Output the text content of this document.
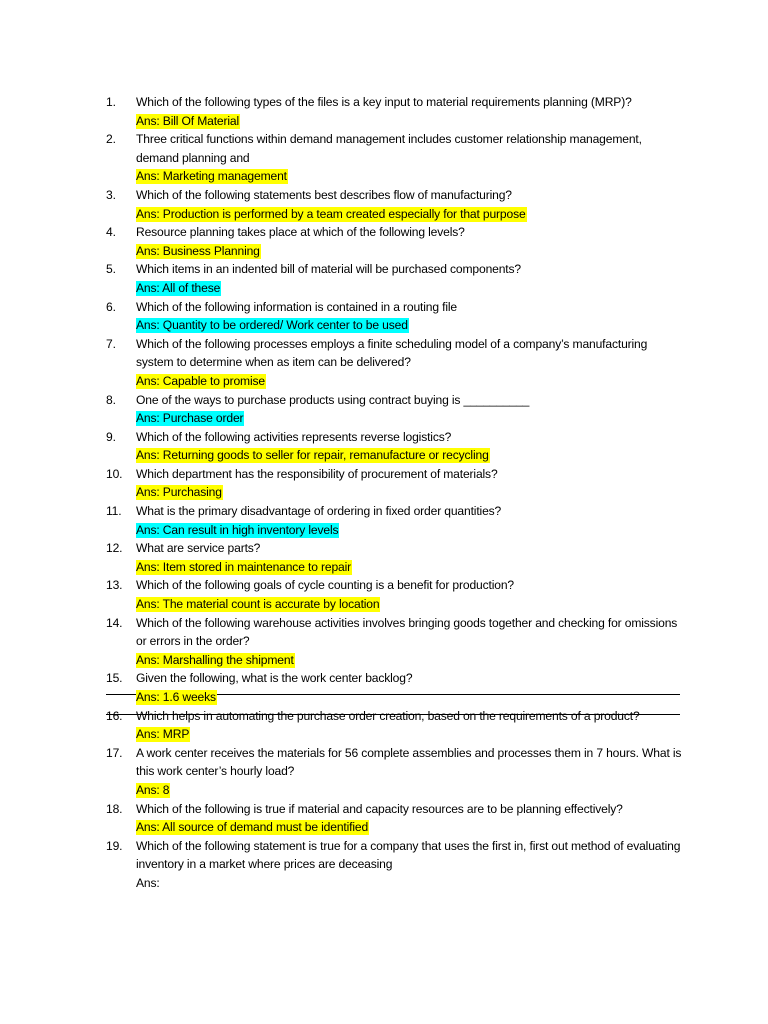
1.	Which of the following types of the files is a key input to material requirements planning (MRP)?
Ans: Bill Of Material
2.	Three critical functions within demand management includes customer relationship management, demand planning and
Ans: Marketing management
3.	Which of the following statements best describes flow of manufacturing?
Ans: Production is performed by a team created especially for that purpose
4.	Resource planning takes place at which of the following levels?
Ans: Business Planning
5.	Which items in an indented bill of material will be purchased components?
Ans: All of these
6.	Which of the following information is contained in a routing file
Ans: Quantity to be ordered/ Work center to be used
7.	Which of the following processes employs a finite scheduling model of a company’s manufacturing system to determine when as item can be delivered?
Ans: Capable to promise
8.	One of the ways to purchase products using contract buying is __________
Ans: Purchase order
9.	Which of the following activities represents reverse logistics?
Ans: Returning goods to seller for repair, remanufacture or recycling
10.	Which department has the responsibility of procurement of materials?
Ans: Purchasing
11.	What is the primary disadvantage of ordering in fixed order quantities?
Ans: Can result in high inventory levels
12.	What are service parts?
Ans: Item stored in maintenance to repair
13.	Which of the following goals of cycle counting is a benefit for production?
Ans: The material count is accurate by location
14.	Which of the following warehouse activities involves bringing goods together and checking for omissions or errors in the order?
Ans: Marshalling the shipment
15.	Given the following, what is the work center backlog?
Ans: 1.6 weeks
16.	Which helps in automating the purchase order creation, based on the requirements of a product?
Ans: MRP
17.	A work center receives the materials for 56 complete assemblies and processes them in 7 hours. What is this work center’s hourly load?
Ans: 8
18.	Which of the following is true if material and capacity resources are to be planning effectively?
Ans: All source of demand must be identified
19.	Which of the following statement is true for a company that uses the first in, first out method of evaluating inventory in a market where prices are deceasing
Ans:
